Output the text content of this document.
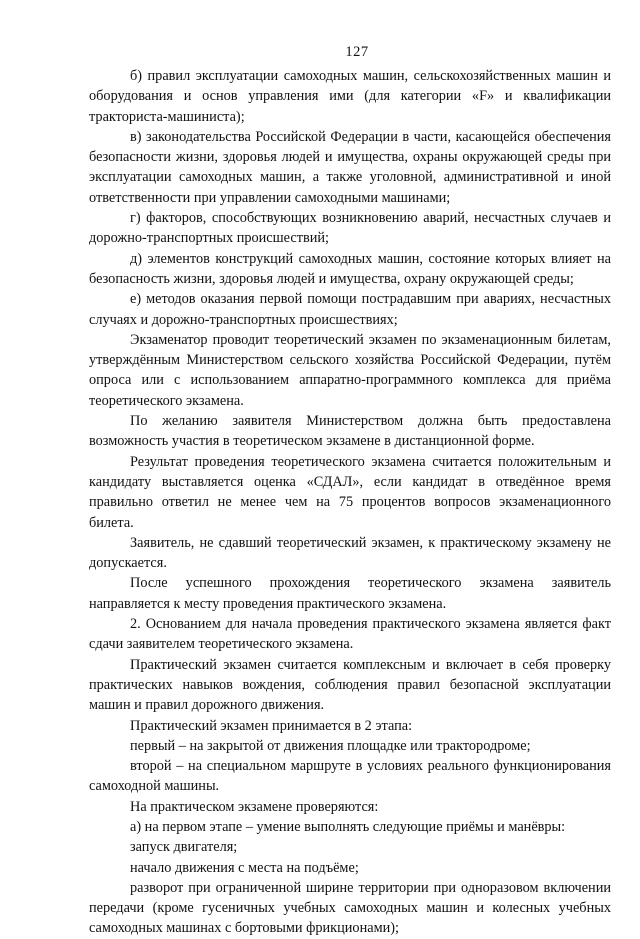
127

б) правил эксплуатации самоходных машин, сельскохозяйственных машин и оборудования и основ управления ими (для категории «F» и квалификации тракториста-машиниста);

в) законодательства Российской Федерации в части, касающейся обеспечения безопасности жизни, здоровья людей и имущества, охраны окружающей среды при эксплуатации самоходных машин, а также уголовной, административной и иной ответственности при управлении самоходными машинами;

г) факторов, способствующих возникновению аварий, несчастных случаев и дорожно-транспортных происшествий;

д) элементов конструкций самоходных машин, состояние которых влияет на безопасность жизни, здоровья людей и имущества, охрану окружающей среды;

е) методов оказания первой помощи пострадавшим при авариях, несчастных случаях и дорожно-транспортных происшествиях;

Экзаменатор проводит теоретический экзамен по экзаменационным билетам, утверждённым Министерством сельского хозяйства Российской Федерации, путём опроса или с использованием аппаратно-программного комплекса для приёма теоретического экзамена.

По желанию заявителя Министерством должна быть предоставлена возможность участия в теоретическом экзамене в дистанционной форме.

Результат проведения теоретического экзамена считается положительным и кандидату выставляется оценка «СДАЛ», если кандидат в отведённое время правильно ответил не менее чем на 75 процентов вопросов экзаменационного билета.

Заявитель, не сдавший теоретический экзамен, к практическому экзамену не допускается.

После успешного прохождения теоретического экзамена заявитель направляется к месту проведения практического экзамена.

2. Основанием для начала проведения практического экзамена является факт сдачи заявителем теоретического экзамена.

Практический экзамен считается комплексным и включает в себя проверку практических навыков вождения, соблюдения правил безопасной эксплуатации машин и правил дорожного движения.

Практический экзамен принимается в 2 этапа:

первый – на закрытой от движения площадке или трактородроме;

второй – на специальном маршруте в условиях реального функционирования самоходной машины.

На практическом экзамене проверяются:

а) на первом этапе – умение выполнять следующие приёмы и манёвры:

запуск двигателя;

начало движения с места на подъёме;

разворот при ограниченной ширине территории при одноразовом включении передачи (кроме гусеничных учебных самоходных машин и колесных учебных самоходных машинах с бортовыми фрикционами);
